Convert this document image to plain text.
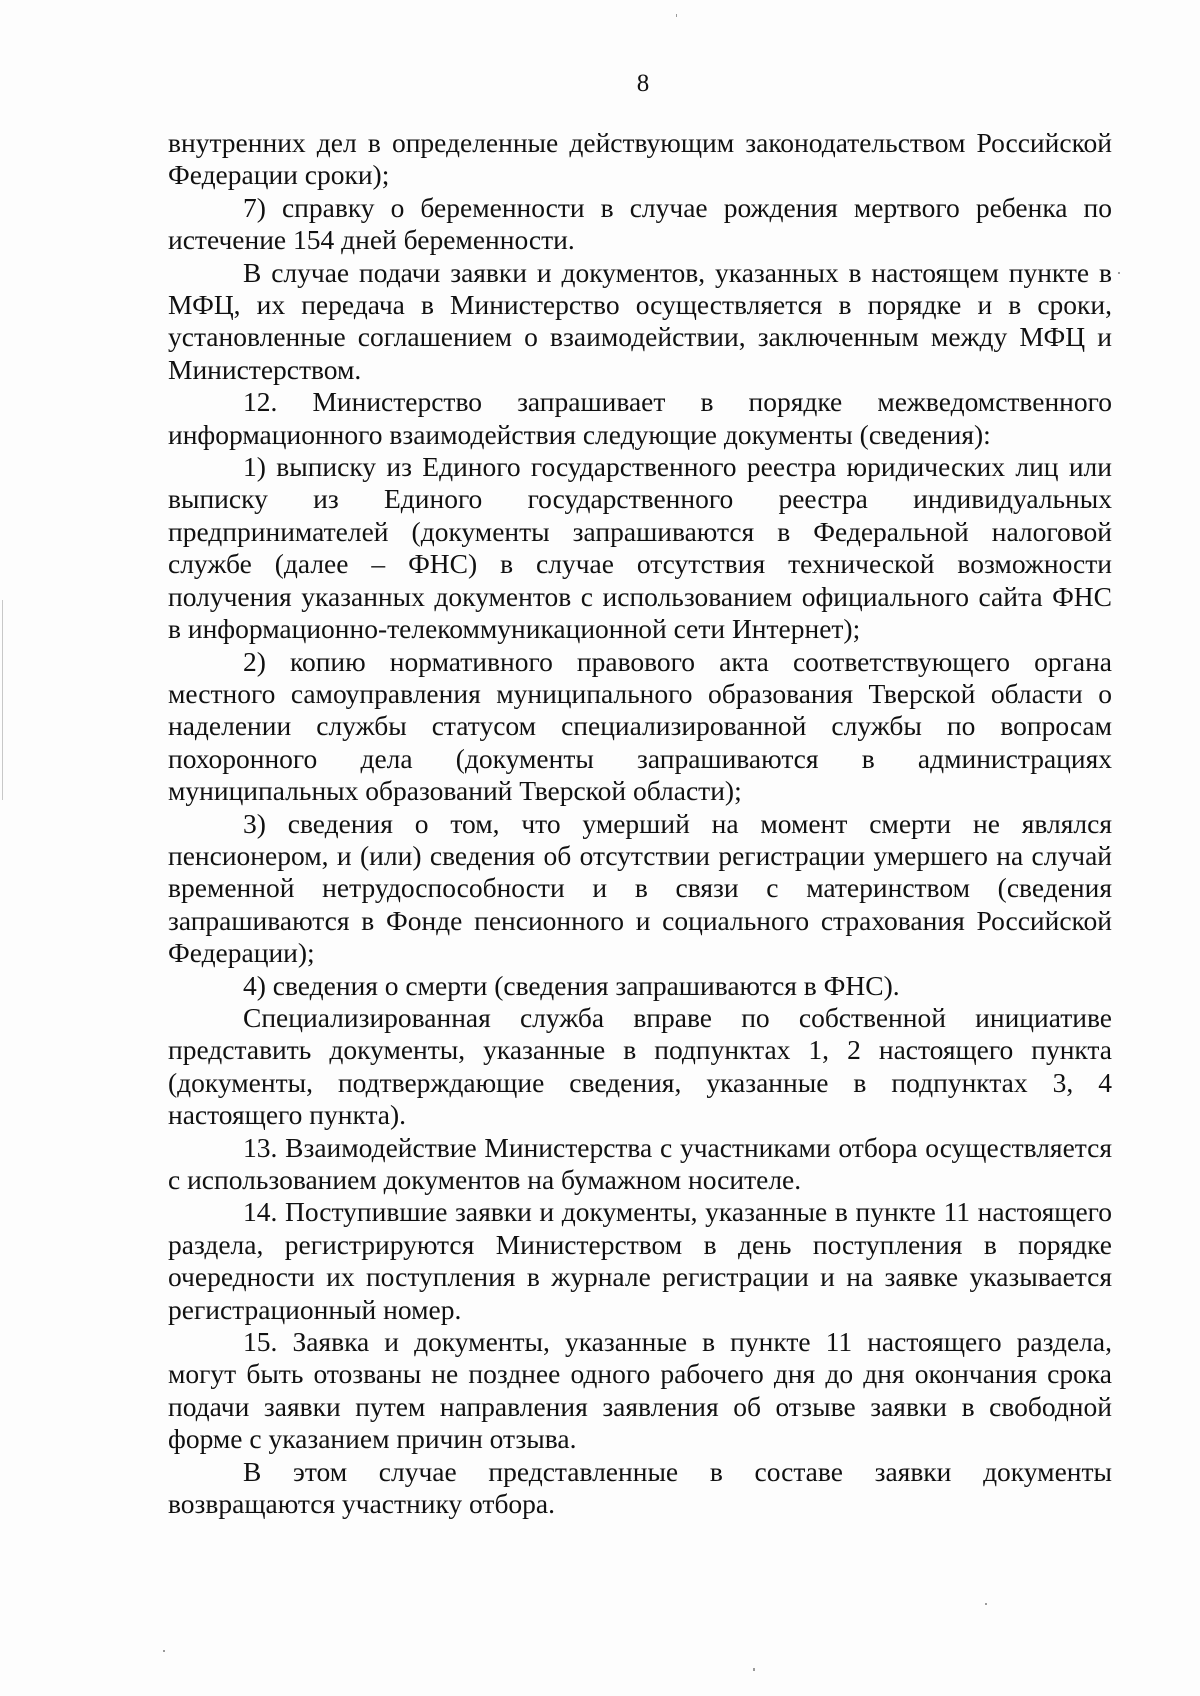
8

внутренних дел в определенные действующим законодательством Российской Федерации сроки);

7) справку о беременности в случае рождения мертвого ребенка по истечение 154 дней беременности.

В случае подачи заявки и документов, указанных в настоящем пункте в МФЦ, их передача в Министерство осуществляется в порядке и в сроки, установленные соглашением о взаимодействии, заключенным между МФЦ и Министерством.

12. Министерство запрашивает в порядке межведомственного информационного взаимодействия следующие документы (сведения):

1) выписку из Единого государственного реестра юридических лиц или выписку из Единого государственного реестра индивидуальных предпринимателей (документы запрашиваются в Федеральной налоговой службе (далее – ФНС) в случае отсутствия технической возможности получения указанных документов с использованием официального сайта ФНС в информационно-телекоммуникационной сети Интернет);

2) копию нормативного правового акта соответствующего органа местного самоуправления муниципального образования Тверской области о наделении службы статусом специализированной службы по вопросам похоронного дела (документы запрашиваются в администрациях муниципальных образований Тверской области);

3) сведения о том, что умерший на момент смерти не являлся пенсионером, и (или) сведения об отсутствии регистрации умершего на случай временной нетрудоспособности и в связи с материнством (сведения запрашиваются в Фонде пенсионного и социального страхования Российской Федерации);

4) сведения о смерти (сведения запрашиваются в ФНС).

Специализированная служба вправе по собственной инициативе представить документы, указанные в подпунктах 1, 2 настоящего пункта (документы, подтверждающие сведения, указанные в подпунктах 3, 4 настоящего пункта).

13. Взаимодействие Министерства с участниками отбора осуществляется с использованием документов на бумажном носителе.

14. Поступившие заявки и документы, указанные в пункте 11 настоящего раздела, регистрируются Министерством в день поступления в порядке очередности их поступления в журнале регистрации и на заявке указывается регистрационный номер.

15. Заявка и документы, указанные в пункте 11 настоящего раздела, могут быть отозваны не позднее одного рабочего дня до дня окончания срока подачи заявки путем направления заявления об отзыве заявки в свободной форме с указанием причин отзыва.

В этом случае представленные в составе заявки документы возвращаются участнику отбора.
